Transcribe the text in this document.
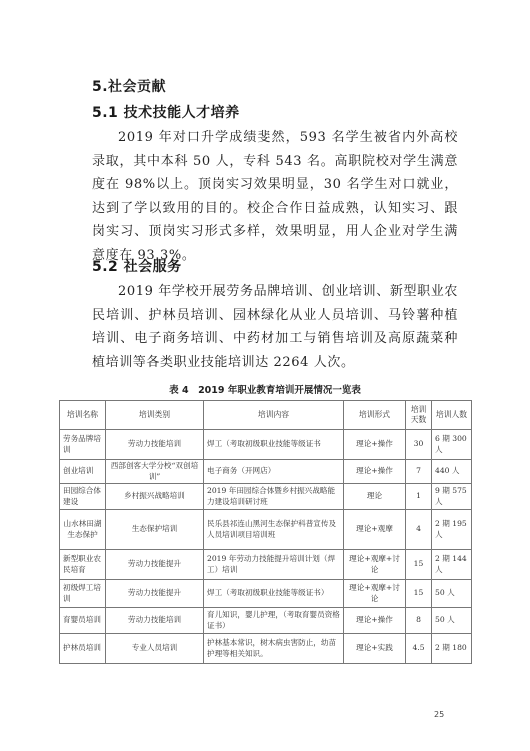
5.社会贡献
5.1 技术技能人才培养
2019 年对口升学成绩斐然，593 名学生被省内外高校录取，其中本科 50 人，专科 543 名。高职院校对学生满意度在 98%以上。顶岗实习效果明显，30 名学生对口就业，达到了学以致用的目的。校企合作日益成熟，认知实习、跟岗实习、顶岗实习形式多样，效果明显，用人企业对学生满意度在 93.3%。
5.2 社会服务
2019 年学校开展劳务品牌培训、创业培训、新型职业农民培训、护林员培训、园林绿化从业人员培训、马铃薯种植培训、电子商务培训、中药材加工与销售培训及高原蔬菜种植培训等各类职业技能培训达 2264 人次。
表 4　2019 年职业教育培训开展情况一览表
培训名称	培训类别	培训内容	培训形式	培训天数	培训人数
劳务品牌培训	劳动力技能培训	焊工（考取初级职业技能等级证书	理论+操作	30	6 期 300 人
创业培训	西部创客大学分校“双创培训”	电子商务（开网店）	理论+操作	7	440 人
田园综合体建设	乡村振兴战略培训	2019 年田园综合体暨乡村振兴战略能力建设培训研讨班	理论	1	9 期 575 人
山水林田湖生态保护	生态保护培训	民乐县祁连山黑河生态保护科普宣传及人员培训项目培训班	理论+观摩	4	2 期 195 人
新型职业农民培育	劳动力技能提升	2019 年劳动力技能提升培训计划（焊工）培训	理论+观摩+讨论	15	2 期 144 人
初级焊工培训	劳动力技能提升	焊工（考取初级职业技能等级证书）	理论+观摩+讨论	15	50 人
育婴员培训	劳动力技能培训	育儿知识，婴儿护理，（考取育婴员资格证书）	理论+操作	8	50 人
护林员培训	专业人员培训	护林基本常识，树木病虫害防止，幼苗护理等相关知识。	理论+实践	4.5	2 期 180
25
